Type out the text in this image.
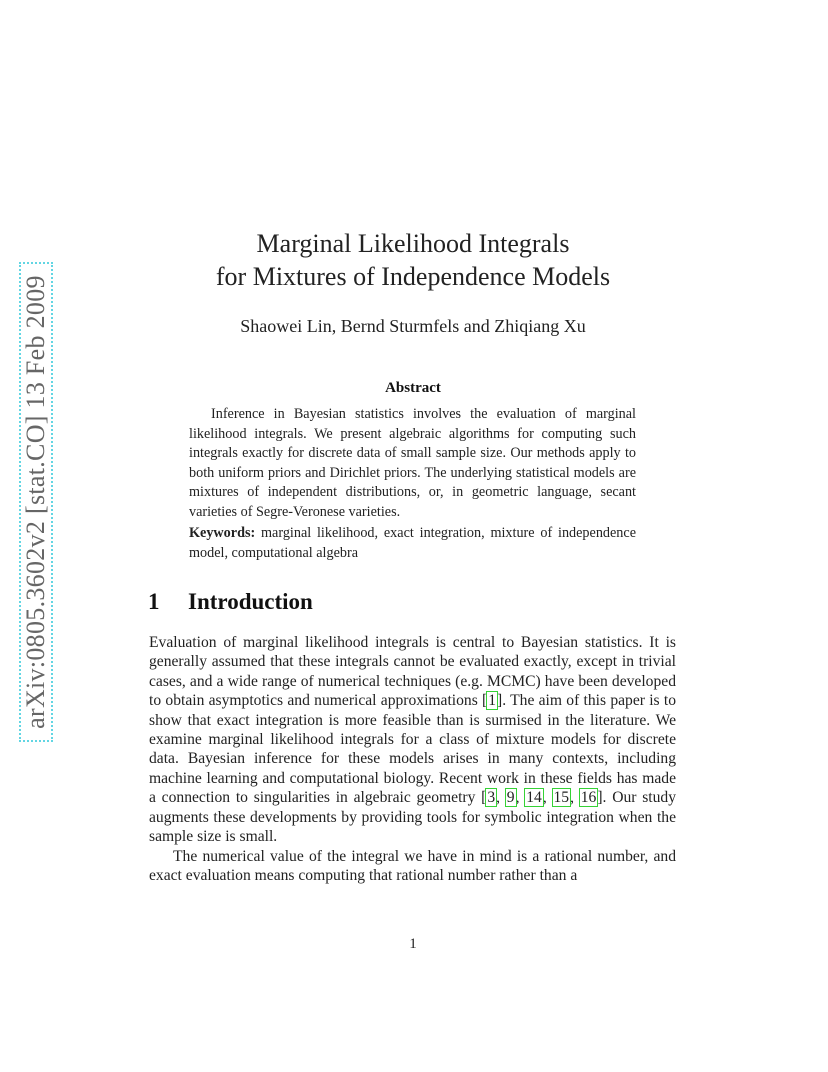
arXiv:0805.3602v2 [stat.CO] 13 Feb 2009
Marginal Likelihood Integrals
for Mixtures of Independence Models
Shaowei Lin, Bernd Sturmfels and Zhiqiang Xu
Abstract

Inference in Bayesian statistics involves the evaluation of marginal likelihood integrals. We present algebraic algorithms for computing such integrals exactly for discrete data of small sample size. Our methods apply to both uniform priors and Dirichlet priors. The underlying statistical models are mixtures of independent distributions, or, in geometric language, secant varieties of Segre-Veronese varieties.

Keywords: marginal likelihood, exact integration, mixture of independence model, computational algebra

1 Introduction

Evaluation of marginal likelihood integrals is central to Bayesian statistics. It is generally assumed that these integrals cannot be evaluated exactly, except in trivial cases, and a wide range of numerical techniques (e.g. MCMC) have been developed to obtain asymptotics and numerical approximations [1]. The aim of this paper is to show that exact integration is more feasible than is surmised in the literature. We examine marginal likelihood integrals for a class of mixture models for discrete data. Bayesian inference for these models arises in many contexts, including machine learning and computational biology. Recent work in these fields has made a connection to singularities in algebraic geometry [3, 9, 14, 15, 16]. Our study augments these developments by providing tools for symbolic integration when the sample size is small.

The numerical value of the integral we have in mind is a rational number, and exact evaluation means computing that rational number rather than a

1
